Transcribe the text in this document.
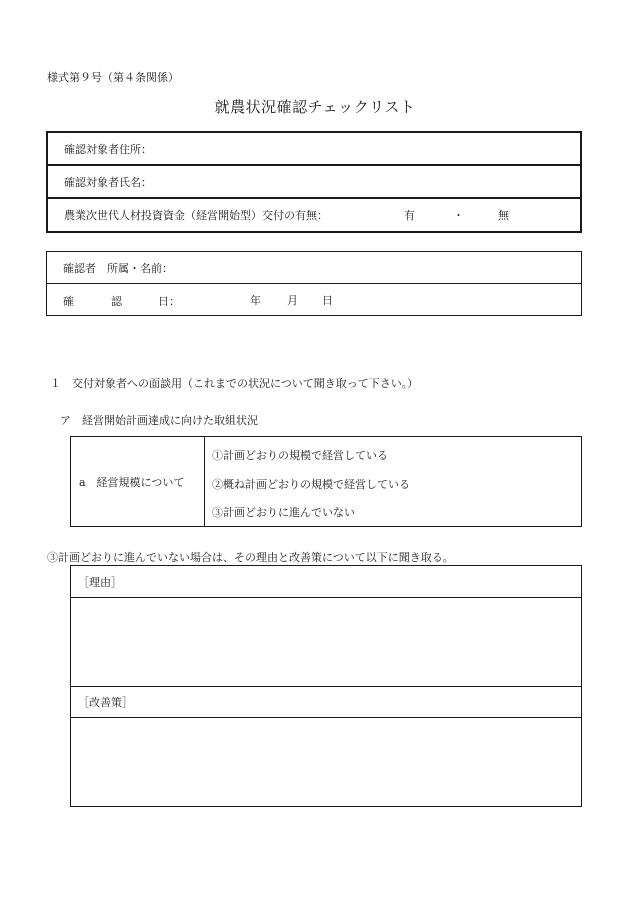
様式第９号（第４条関係）
就農状況確認チェックリスト
確認対象者住所：
確認対象者氏名：
農業次世代人材投資資金（経営開始型）交付の有無：	有	・	無
確認者　所属・名前：
確	認	日：	年 月 日
１　交付対象者への面談用（これまでの状況について聞き取って下さい。）
ア　経営開始計画達成に向けた取組状況
a　経営規模について
①計画どおりの規模で経営している
②概ね計画どおりの規模で経営している
③計画どおりに進んでいない
③計画どおりに進んでいない場合は、その理由と改善策について以下に聞き取る。
［理由］
［改善策］
